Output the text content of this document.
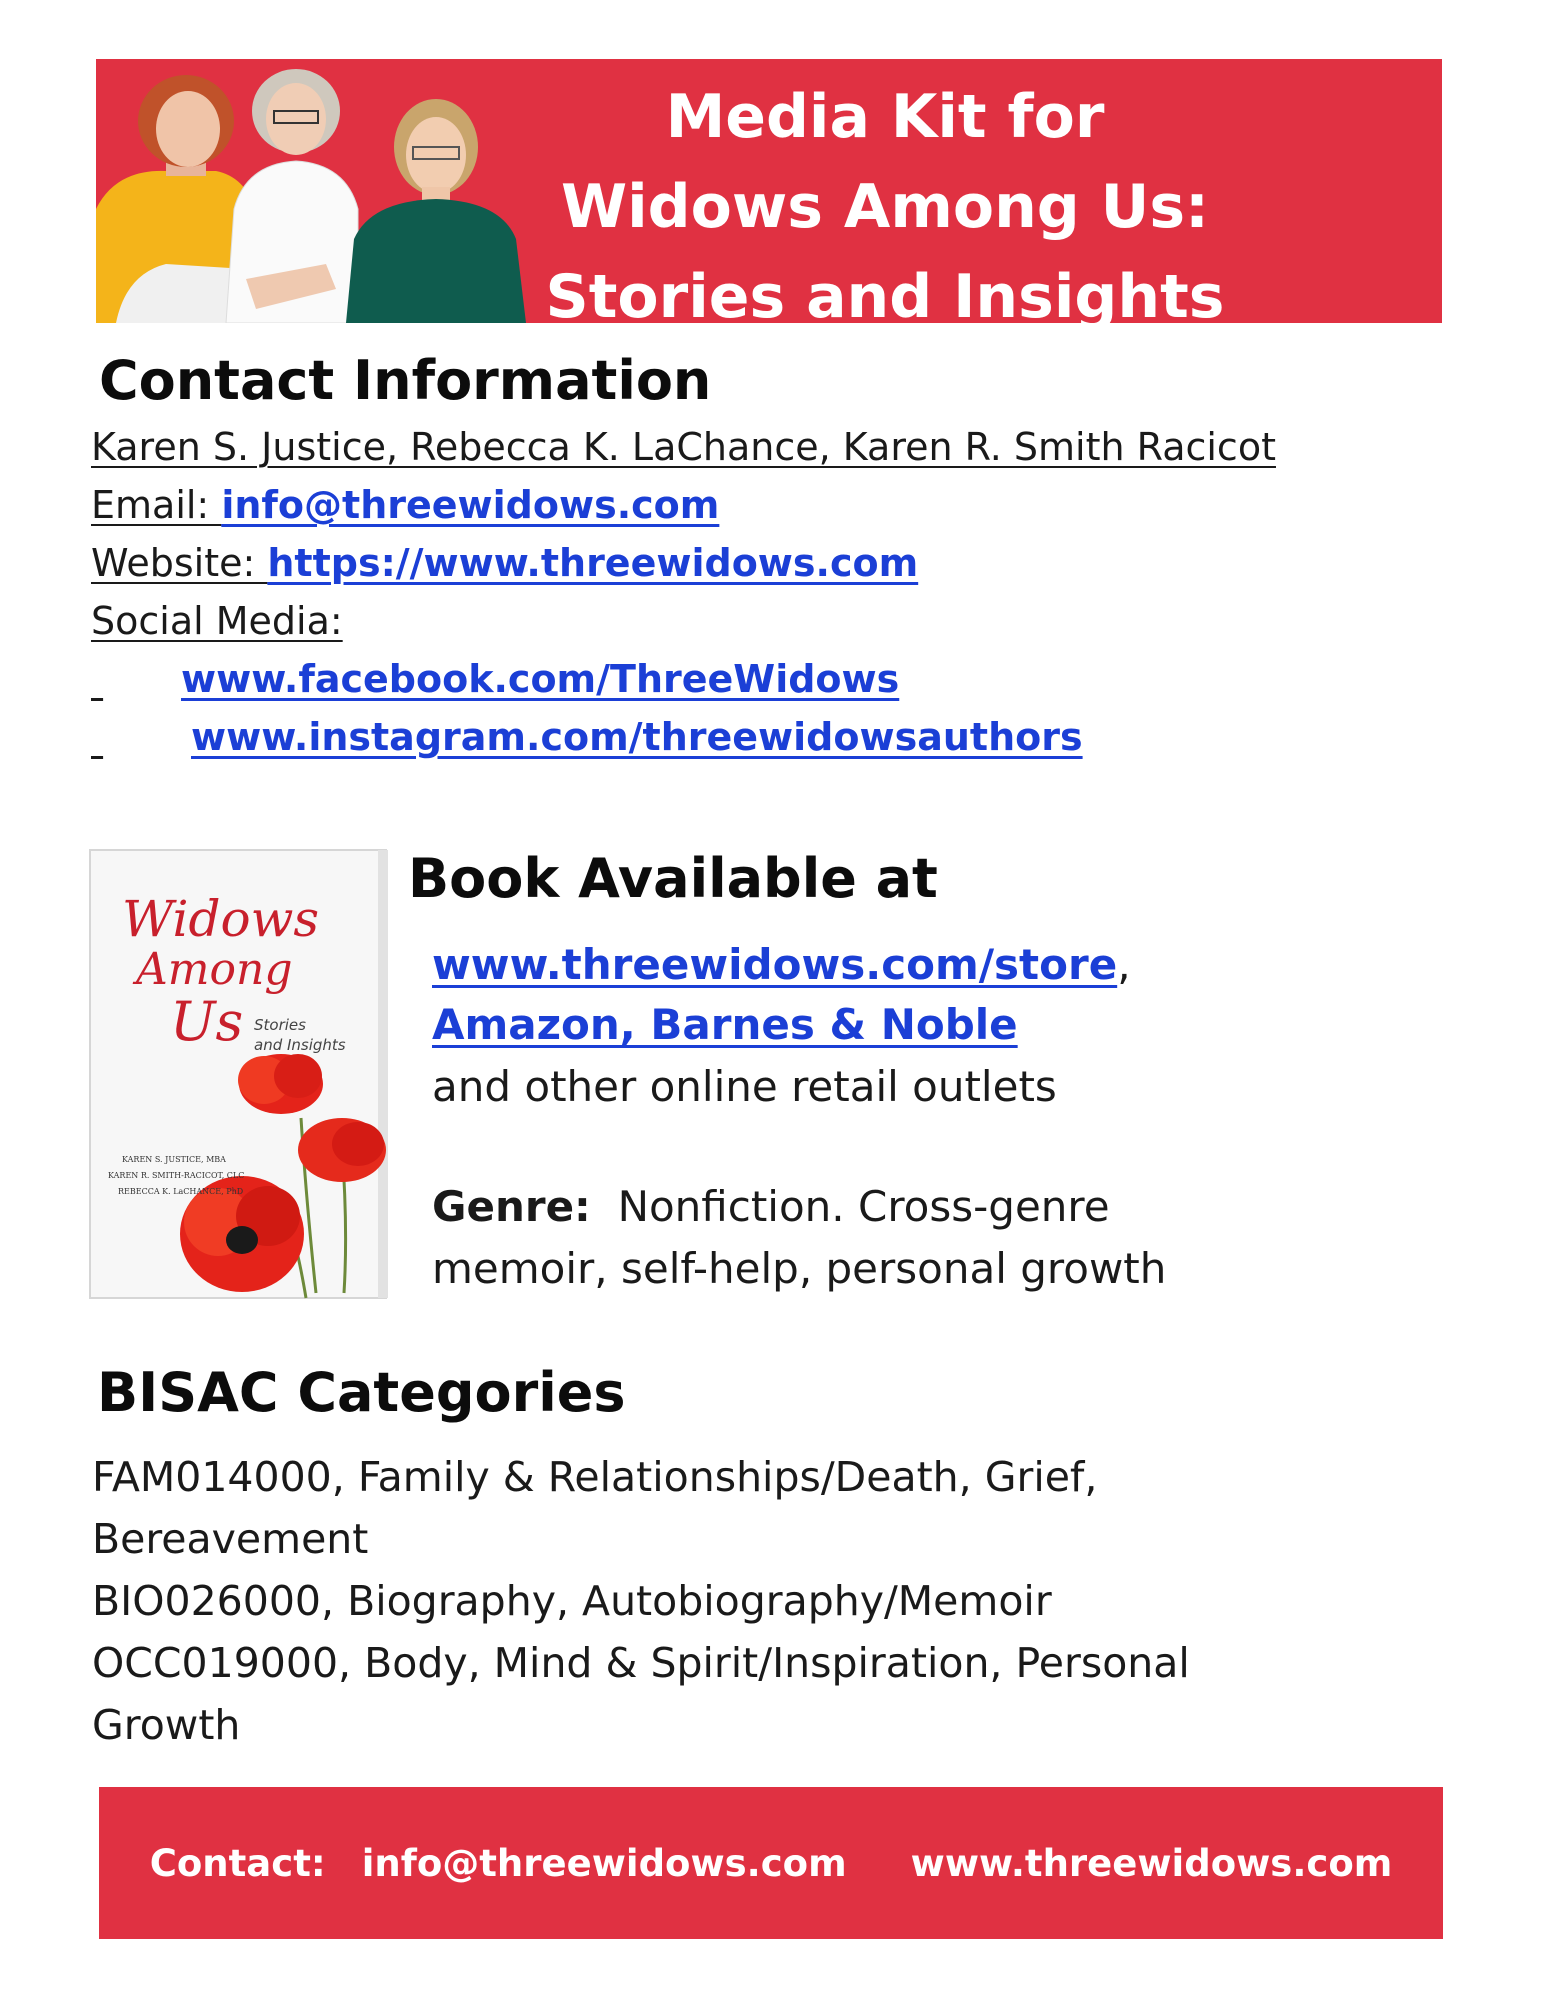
Media Kit for
Widows Among Us:
Stories and Insights
Contact Information
Karen S. Justice, Rebecca K. LaChance, Karen R. Smith Racicot
Email: info@threewidows.com
Website: https://www.threewidows.com
Social Media:
www.facebook.com/ThreeWidows
www.instagram.com/threewidowsauthors
Widows
Among
Us Stories
and Insights
KAREN S. JUSTICE, MBA
KAREN R. SMITH-RACICOT, CLC
REBECCA K. LaCHANCE, PhD
Book Available at
www.threewidows.com/store,
Amazon, Barnes & Noble
and other online retail outlets
Genre: Nonfiction. Cross-genre
memoir, self-help, personal growth
BISAC Categories
FAM014000, Family & Relationships/Death, Grief,
Bereavement
BIO026000, Biography, Autobiography/Memoir
OCC019000, Body, Mind & Spirit/Inspiration, Personal
Growth
Contact: info@threewidows.com www.threewidows.com
